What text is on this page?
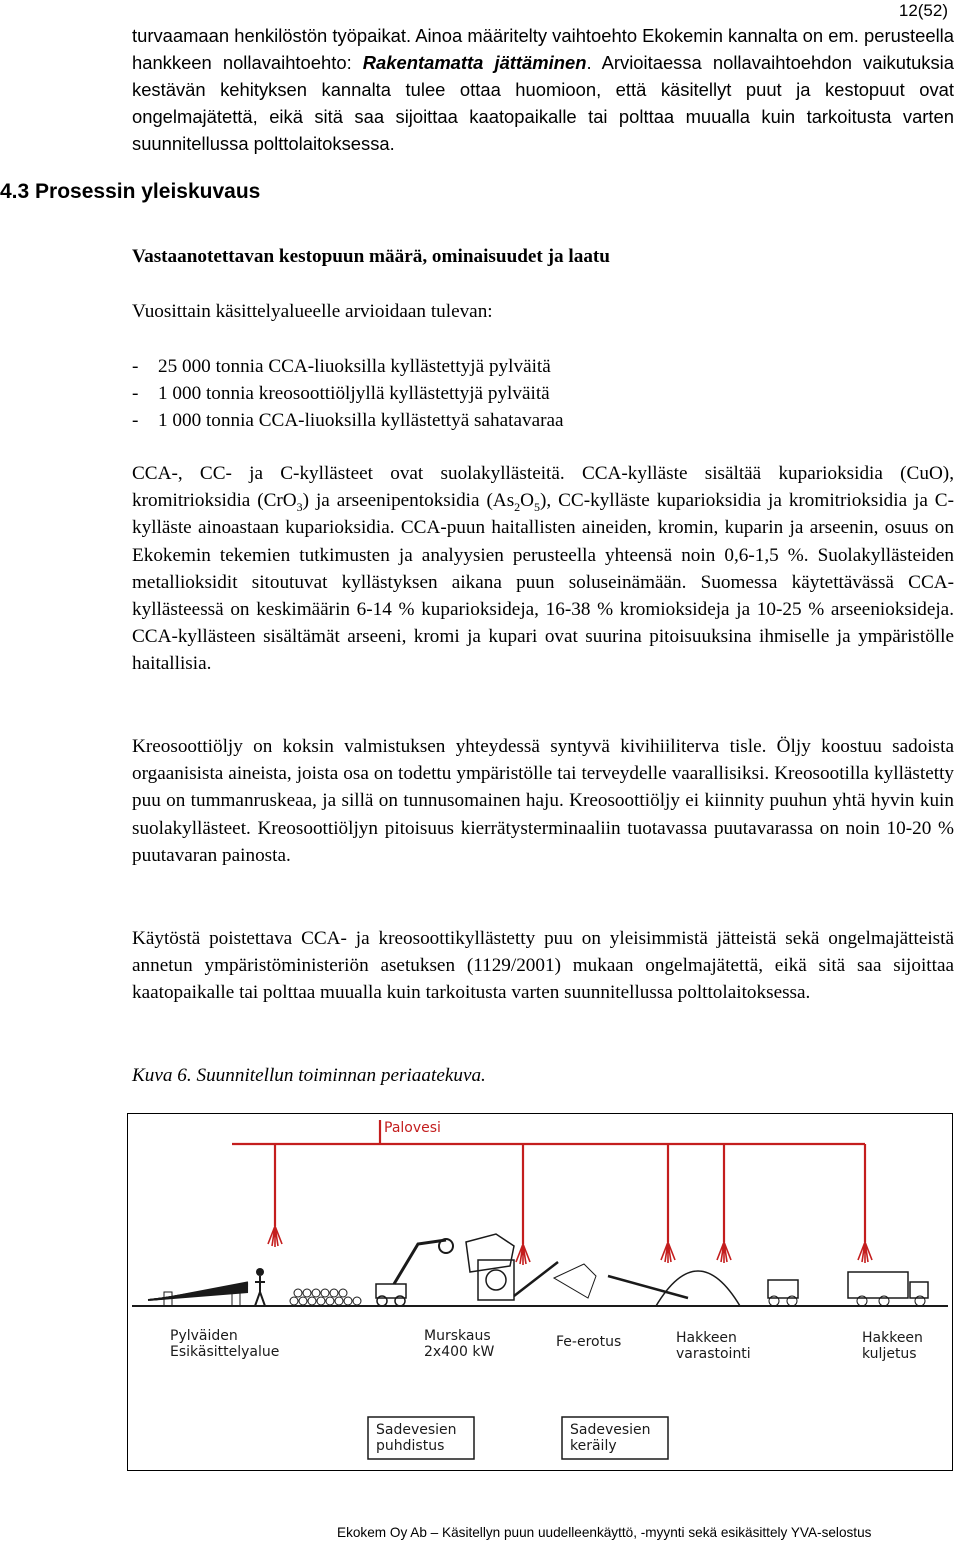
12(52)

turvaamaan henkilöstön työpaikat. Ainoa määritelty vaihtoehto Ekokemin kannalta on em. perusteella hankkeen nollavaihtoehto: Rakentamatta jättäminen. Arvioitaessa nollavaihtoehdon vaikutuksia kestävän kehityksen kannalta tulee ottaa huomioon, että käsitellyt puut ja kestopuut ovat ongelmajätettä, eikä sitä saa sijoittaa kaatopaikalle tai polttaa muualla kuin tarkoitusta varten suunnitellussa polttolaitoksessa.

4.3 Prosessin yleiskuvaus

Vastaanotettavan kestopuun määrä, ominaisuudet ja laatu

Vuosittain käsittelyalueelle arvioidaan tulevan:

- 25 000 tonnia CCA-liuoksilla kyllästettyjä pylväitä
- 1 000 tonnia kreosoottiöljyllä kyllästettyjä pylväitä
- 1 000 tonnia CCA-liuoksilla kyllästettyä sahatavaraa

CCA-, CC- ja C-kyllästeet ovat suolakyllästeitä. CCA-kylläste sisältää kuparioksidia (CuO), kromitrioksidia (CrO$_3$) ja arseenipentoksidia $(As_2O_5)$, CC-kylläste kuparioksidia ja kromitrioksidia ja C-kylläste ainoastaan kuparioksidia. CCA-puun haitallisten aineiden, kromin, kuparin ja arseenin, osuus on Ekokemin tekemien tutkimusten ja analyysien perusteella yhteensä noin 0,6-1,5 %. Suolakyllästeiden metallioksidit sitoutuvat kyllästyksen aikana puun soluseinämään. Suomessa käytettävässä CCA-kyllästeessä on keskimäärin 6-14 % kuparioksideja, 16-38 % kromioksideja ja 10-25 % arseenioksideja. CCA-kyllästeen sisältämät arseeni, kromi ja kupari ovat suurina pitoisuuksina ihmiselle ja ympäristölle haitallisia.

Kreosoottiöljy on koksin valmistuksen yhteydessä syntyvä kivihiiliterva tisle. Öljy koostuu sadoista orgaanisista aineista, joista osa on todettu ympäristölle tai terveydelle vaarallisiksi. Kreosootilla kyllästetty puu on tummanruskeaa, ja sillä on tunnusomainen haju. Kreosoottiöljy ei kiinnity puuhun yhtä hyvin kuin suolakyllästeet. Kreosoottiöljyn pitoisuus kierrätysterminaaliin tuotavassa puutavarassa on noin 10-20 % puutavaran painosta.

Käytöstä poistettava CCA- ja kreosoottikyllästetty puu on yleisimmistä jätteistä sekä ongelmajätteistä annetun ympäristöministeriön asetuksen (1129/2001) mukaan ongelmajätettä, eikä sitä saa sijoittaa kaatopaikalle tai polttaa muualla kuin tarkoitusta varten suunnitellussa polttolaitoksessa.

Kuva 6. Suunnitellun toiminnan periaatekuva.

Palovesi
Pylväiden
Esikäsittelyalue
Murskaus
2x400 kW
Fe-erotus	Hakkeen
varastointi
Hakkeen
kuljetus
Sadevesien
puhdistus
Sadevesien
keräily
Ekokem Oy Ab – Käsitellyn puun uudelleenkäyttö, -myynti sekä esikäsittely YVA-selostus
